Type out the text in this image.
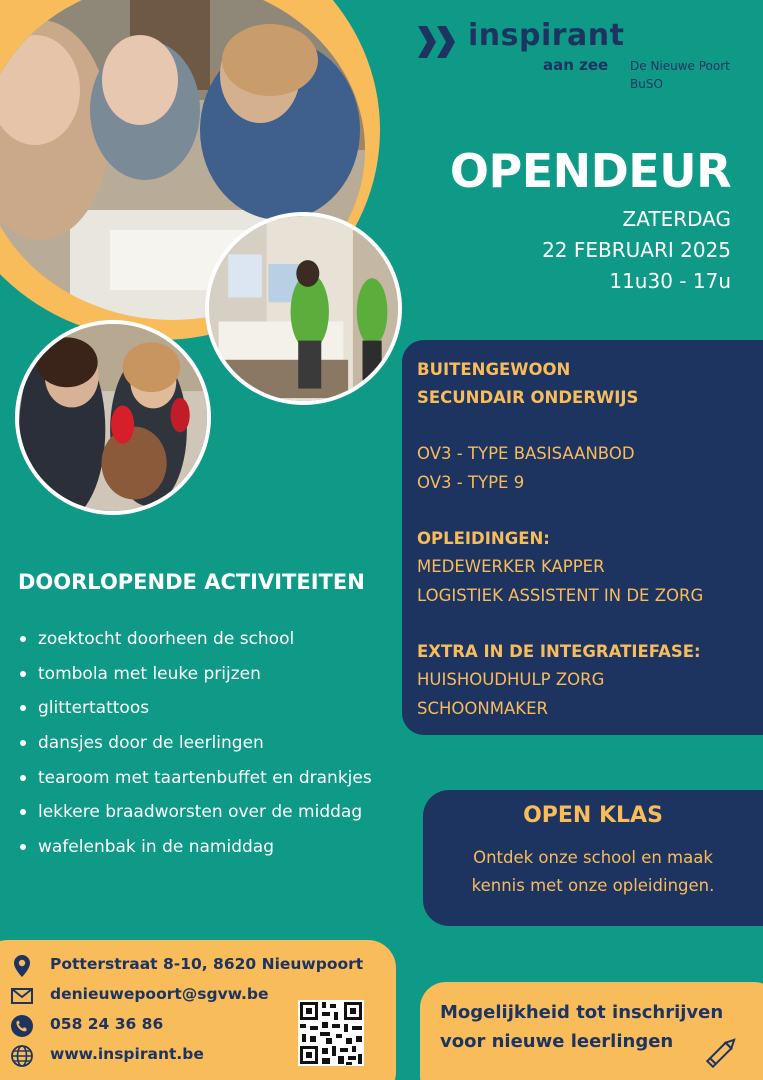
inspirant
aan zee De Nieuwe Poort
BuSO
OPENDEUR
ZATERDAG
22 FEBRUARI 2025
11u30 - 17u
BUITENGEWOON
SECUNDAIR ONDERWIJS
OV3 - TYPE BASISAANBOD
OV3 - TYPE 9
OPLEIDINGEN:
MEDEWERKER KAPPER
LOGISTIEK ASSISTENT IN DE ZORG
EXTRA IN DE INTEGRATIEFASE:
HUISHOUDHULP ZORG
SCHOONMAKER
OPEN KLAS
Ontdek onze school en maak
kennis met onze opleidingen.
DOORLOPENDE ACTIVITEITEN
zoektocht doorheen de school
tombola met leuke prijzen
glittertattoos
dansjes door de leerlingen
tearoom met taartenbuffet en drankjes
lekkere braadworsten over de middag
wafelenbak in de namiddag
Potterstraat 8-10, 8620 Nieuwpoort
denieuwepoort@sgvw.be
058 24 36 86
www.inspirant.be
Mogelijkheid tot inschrijven
voor nieuwe leerlingen
